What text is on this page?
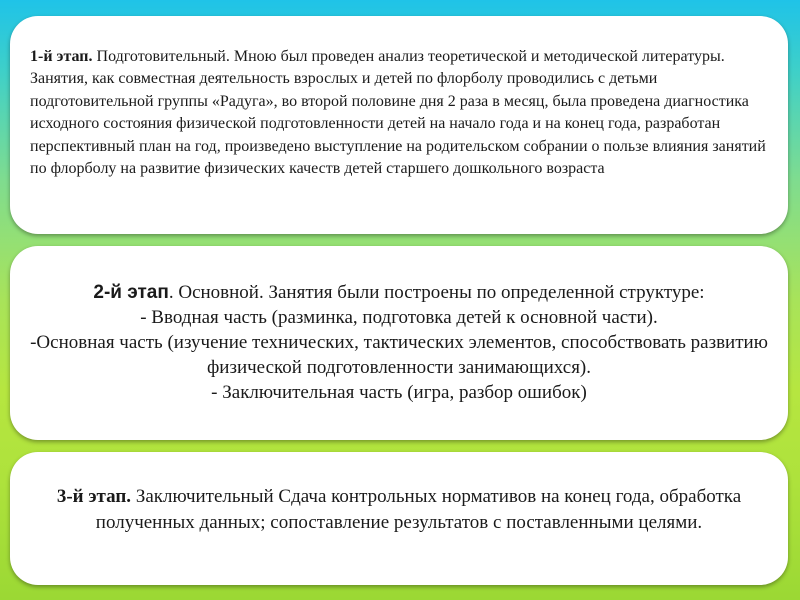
1-й этап. Подготовительный. Мною был проведен анализ теоретической и методической литературы. Занятия, как совместная деятельность взрослых и детей по флорболу проводились с детьми подготовительной группы «Радуга», во второй половине дня 2 раза в месяц, была проведена диагностика исходного состояния физической подготовленности детей на начало года и на конец года, разработан перспективный план на год, произведено выступление на родительском собрании о пользе влияния занятий по флорболу на развитие физических качеств детей старшего дошкольного возраста
2-й этап. Основной. Занятия были построены по определенной структуре:
- Вводная часть (разминка, подготовка детей к основной части).
-Основная часть (изучение технических, тактических элементов, способствовать развитию физической подготовленности занимающихся).
- Заключительная часть (игра, разбор ошибок)
3-й этап. Заключительный Сдача контрольных нормативов на конец года, обработка полученных данных; сопоставление результатов с поставленными целями.
